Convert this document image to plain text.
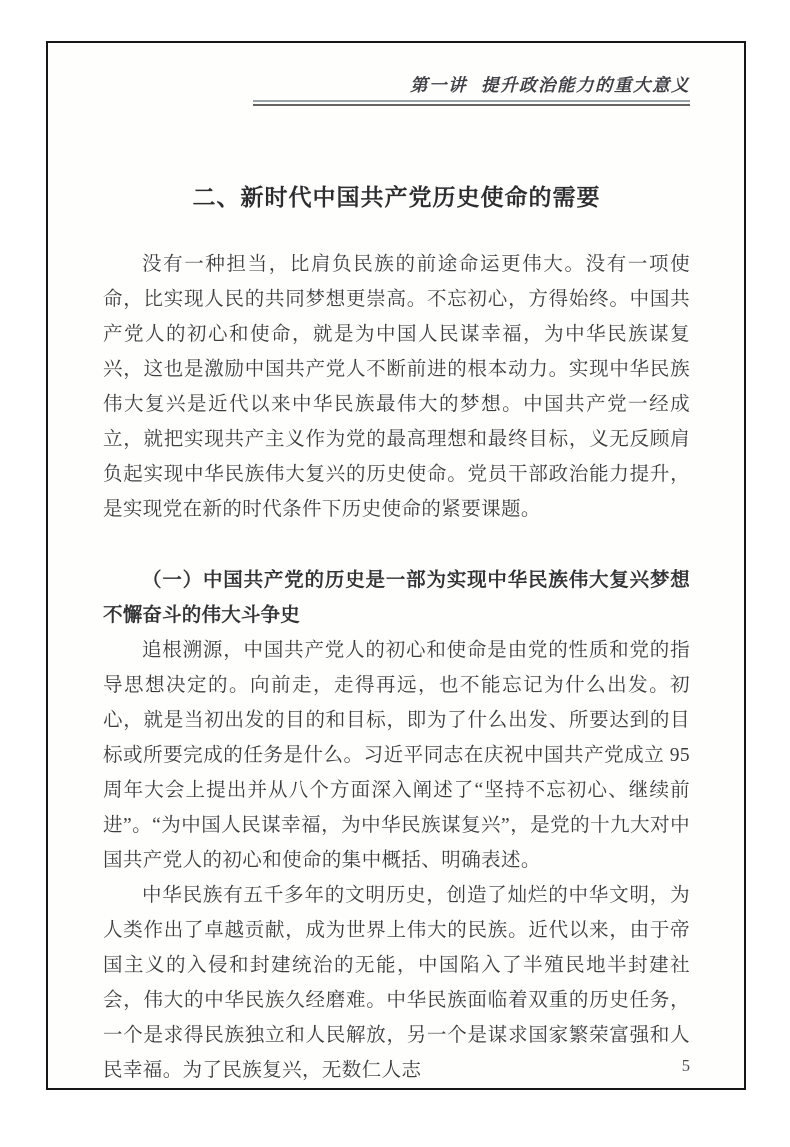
第一讲 提升政治能力的重大意义
二、新时代中国共产党历史使命的需要

没有一种担当，比肩负民族的前途命运更伟大。没有一项使命，比实现人民的共同梦想更崇高。不忘初心，方得始终。中国共产党人的初心和使命，就是为中国人民谋幸福，为中华民族谋复兴，这也是激励中国共产党人不断前进的根本动力。实现中华民族伟大复兴是近代以来中华民族最伟大的梦想。中国共产党一经成立，就把实现共产主义作为党的最高理想和最终目标，义无反顾肩负起实现中华民族伟大复兴的历史使命。党员干部政治能力提升，是实现党在新的时代条件下历史使命的紧要课题。

（一）中国共产党的历史是一部为实现中华民族伟大复兴梦想不懈奋斗的伟大斗争史

追根溯源，中国共产党人的初心和使命是由党的性质和党的指导思想决定的。向前走，走得再远，也不能忘记为什么出发。初心，就是当初出发的目的和目标，即为了什么出发、所要达到的目标或所要完成的任务是什么。习近平同志在庆祝中国共产党成立 95 周年大会上提出并从八个方面深入阐述了“坚持不忘初心、继续前进”。“为中国人民谋幸福，为中华民族谋复兴”，是党的十九大对中国共产党人的初心和使命的集中概括、明确表述。

中华民族有五千多年的文明历史，创造了灿烂的中华文明，为人类作出了卓越贡献，成为世界上伟大的民族。近代以来，由于帝国主义的入侵和封建统治的无能，中国陷入了半殖民地半封建社会，伟大的中华民族久经磨难。中华民族面临着双重的历史任务，一个是求得民族独立和人民解放，另一个是谋求国家繁荣富强和人民幸福。为了民族复兴，无数仁人志	5
